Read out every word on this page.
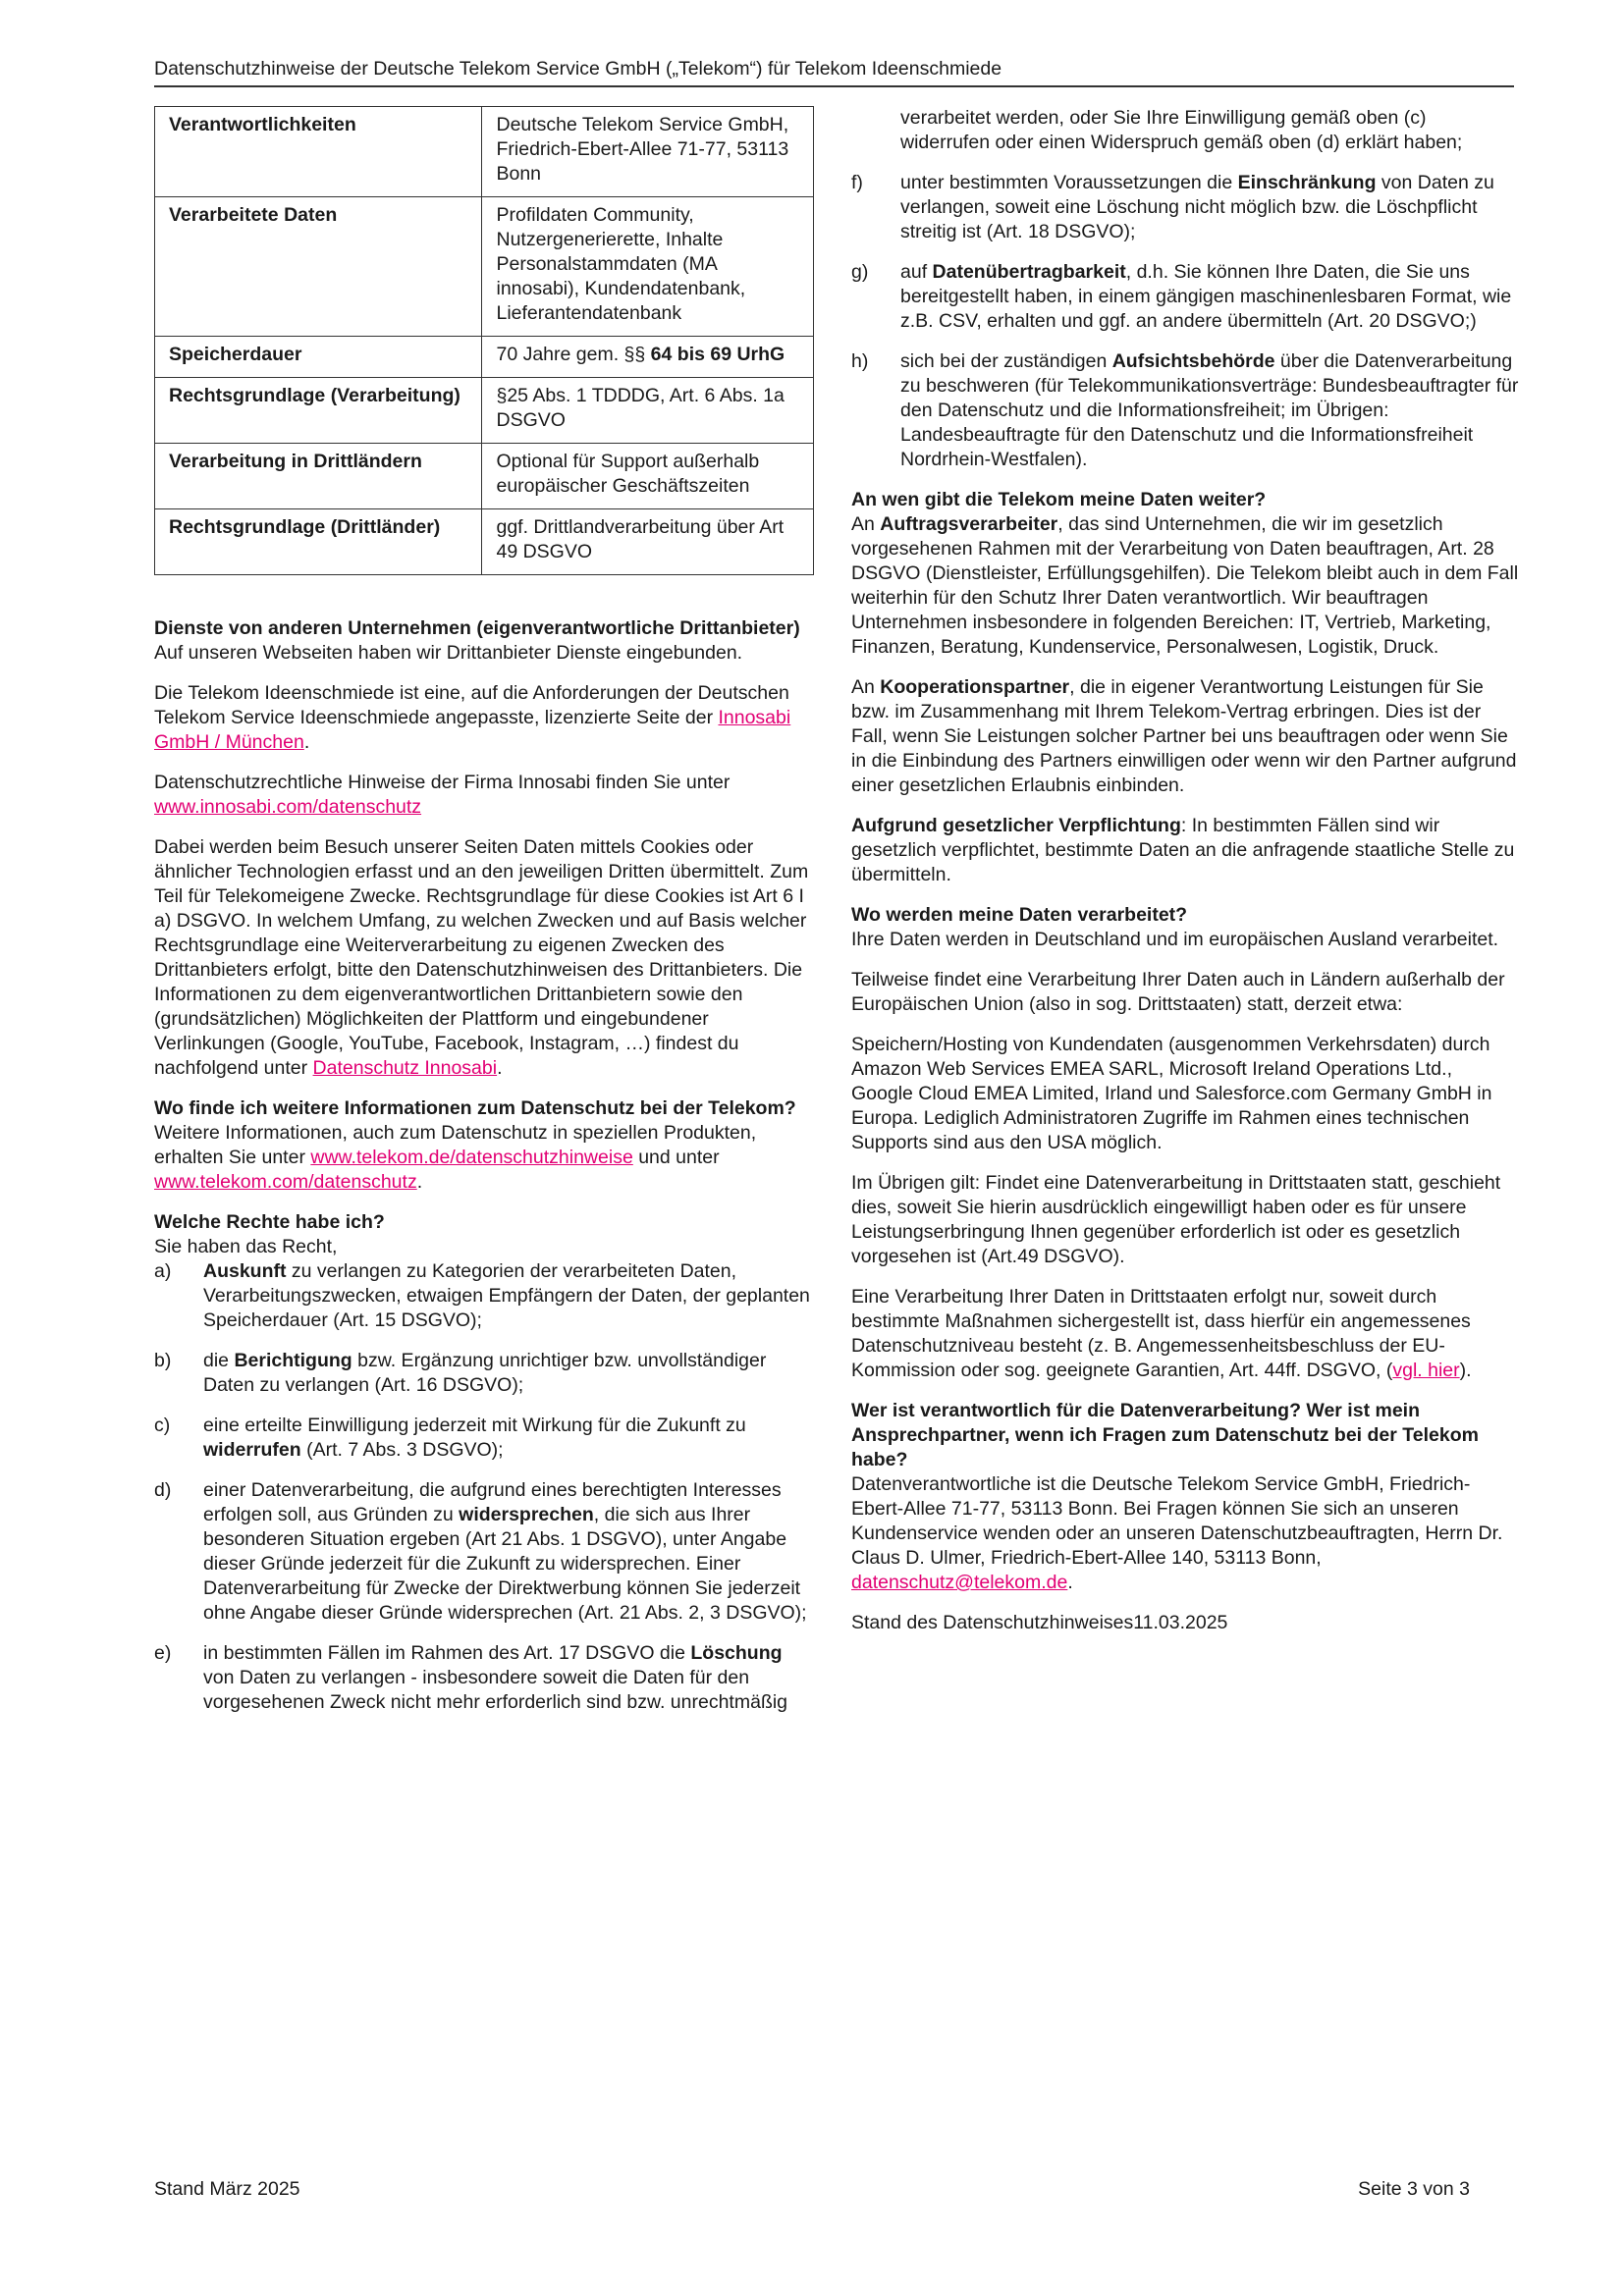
Datenschutzhinweise der Deutsche Telekom Service GmbH („Telekom“) für Telekom Ideenschmiede
Verantwortlichkeiten	Deutsche Telekom Service GmbH, Friedrich-Ebert-Allee 71-77, 53113 Bonn
Verarbeitete Daten	Profildaten Community, Nutzergenerierette, Inhalte Personalstammdaten (MA innosabi), Kundendatenbank, Lieferantendatenbank
Speicherdauer	70 Jahre gem. §§ 64 bis 69 UrhG
Rechtsgrundlage (Verarbeitung)	§25 Abs. 1 TDDDG, Art. 6 Abs. 1a DSGVO
Verarbeitung in Drittländern	Optional für Support außerhalb europäischer Geschäftszeiten
Rechtsgrundlage (Drittländer)	ggf. Drittlandverarbeitung über Art 49 DSGVO
Dienste von anderen Unternehmen (eigenverantwortliche Drittanbieter)
Auf unseren Webseiten haben wir Drittanbieter Dienste eingebunden.

Die Telekom Ideenschmiede ist eine, auf die Anforderungen der Deutschen Telekom Service Ideenschmiede angepasste, lizenzierte Seite der Innosabi GmbH / München.

Datenschutzrechtliche Hinweise der Firma Innosabi finden Sie unter www.innosabi.com/datenschutz

Dabei werden beim Besuch unserer Seiten Daten mittels Cookies oder ähnlicher Technologien erfasst und an den jeweiligen Dritten übermittelt. Zum Teil für Telekomeigene Zwecke. Rechtsgrundlage für diese Cookies ist Art 6 I a) DSGVO. In welchem Umfang, zu welchen Zwecken und auf Basis welcher Rechtsgrundlage eine Weiterverarbeitung zu eigenen Zwecken des Drittanbieters erfolgt, bitte den Datenschutzhinweisen des Drittanbieters. Die Informationen zu dem eigenverantwortlichen Drittanbietern sowie den (grundsätzlichen) Möglichkeiten der Plattform und eingebundener Verlinkungen (Google, YouTube, Facebook, Instagram, …) findest du nachfolgend unter Datenschutz Innosabi.

Wo finde ich weitere Informationen zum Datenschutz bei der Telekom?
Weitere Informationen, auch zum Datenschutz in speziellen Produkten, erhalten Sie unter www.telekom.de/datenschutzhinweise und unter www.telekom.com/datenschutz.
Welche Rechte habe ich?
Sie haben das Recht,
a)	Auskunft zu verlangen zu Kategorien der verarbeiteten Daten, Verarbeitungszwecken, etwaigen Empfängern der Daten, der geplanten Speicherdauer (Art. 15 DSGVO);
b)	die Berichtigung bzw. Ergänzung unrichtiger bzw. unvollständiger Daten zu verlangen (Art. 16 DSGVO);
c)	eine erteilte Einwilligung jederzeit mit Wirkung für die Zukunft zu widerrufen (Art. 7 Abs. 3 DSGVO);
d)	einer Datenverarbeitung, die aufgrund eines berechtigten Interesses erfolgen soll, aus Gründen zu widersprechen, die sich aus Ihrer besonderen Situation ergeben (Art 21 Abs. 1 DSGVO), unter Angabe dieser Gründe jederzeit für die Zukunft zu widersprechen. Einer Datenverarbeitung für Zwecke der Direktwerbung können Sie jederzeit ohne Angabe dieser Gründe widersprechen (Art. 21 Abs. 2, 3 DSGVO);
e)	in bestimmten Fällen im Rahmen des Art. 17 DSGVO die Löschung von Daten zu verlangen - insbesondere soweit die Daten für den vorgesehenen Zweck nicht mehr erforderlich sind bzw. unrechtmäßig
verarbeitet werden, oder Sie Ihre Einwilligung gemäß oben (c) widerrufen oder einen Widerspruch gemäß oben (d) erklärt haben;
f)	unter bestimmten Voraussetzungen die Einschränkung von Daten zu verlangen, soweit eine Löschung nicht möglich bzw. die Löschpflicht streitig ist (Art. 18 DSGVO);
g)	auf Datenübertragbarkeit, d.h. Sie können Ihre Daten, die Sie uns bereitgestellt haben, in einem gängigen maschinenlesbaren Format, wie z.B. CSV, erhalten und ggf. an andere übermitteln (Art. 20 DSGVO;)
h)	sich bei der zuständigen Aufsichtsbehörde über die Datenverarbeitung zu beschweren (für Telekommunikationsverträge: Bundesbeauftragter für den Datenschutz und die Informationsfreiheit; im Übrigen: Landesbeauftragte für den Datenschutz und die Informationsfreiheit Nordrhein-Westfalen).
An wen gibt die Telekom meine Daten weiter?
An Auftragsverarbeiter, das sind Unternehmen, die wir im gesetzlich vorgesehenen Rahmen mit der Verarbeitung von Daten beauftragen, Art. 28 DSGVO (Dienstleister, Erfüllungsgehilfen). Die Telekom bleibt auch in dem Fall weiterhin für den Schutz Ihrer Daten verantwortlich. Wir beauftragen Unternehmen insbesondere in folgenden Bereichen: IT, Vertrieb, Marketing, Finanzen, Beratung, Kundenservice, Personalwesen, Logistik, Druck.

An Kooperationspartner, die in eigener Verantwortung Leistungen für Sie bzw. im Zusammenhang mit Ihrem Telekom-Vertrag erbringen. Dies ist der Fall, wenn Sie Leistungen solcher Partner bei uns beauftragen oder wenn Sie in die Einbindung des Partners einwilligen oder wenn wir den Partner aufgrund einer gesetzlichen Erlaubnis einbinden.

Aufgrund gesetzlicher Verpflichtung: In bestimmten Fällen sind wir gesetzlich verpflichtet, bestimmte Daten an die anfragende staatliche Stelle zu übermitteln.

Wo werden meine Daten verarbeitet?
Ihre Daten werden in Deutschland und im europäischen Ausland verarbeitet.

Teilweise findet eine Verarbeitung Ihrer Daten auch in Ländern außerhalb der Europäischen Union (also in sog. Drittstaaten) statt, derzeit etwa:

Speichern/Hosting von Kundendaten (ausgenommen Verkehrsdaten) durch Amazon Web Services EMEA SARL, Microsoft Ireland Operations Ltd., Google Cloud EMEA Limited, Irland und Salesforce.com Germany GmbH in Europa. Lediglich Administratoren Zugriffe im Rahmen eines technischen Supports sind aus den USA möglich.

Im Übrigen gilt: Findet eine Datenverarbeitung in Drittstaaten statt, geschieht dies, soweit Sie hierin ausdrücklich eingewilligt haben oder es für unsere Leistungserbringung Ihnen gegenüber erforderlich ist oder es gesetzlich vorgesehen ist (Art.49 DSGVO).

Eine Verarbeitung Ihrer Daten in Drittstaaten erfolgt nur, soweit durch bestimmte Maßnahmen sichergestellt ist, dass hierfür ein angemessenes Datenschutzniveau besteht (z. B. Angemessenheitsbeschluss der EU-Kommission oder sog. geeignete Garantien, Art. 44ff. DSGVO, (vgl. hier).

Wer ist verantwortlich für die Datenverarbeitung? Wer ist mein Ansprechpartner, wenn ich Fragen zum Datenschutz bei der Telekom habe?
Datenverantwortliche ist die Deutsche Telekom Service GmbH, Friedrich-Ebert-Allee 71-77, 53113 Bonn. Bei Fragen können Sie sich an unseren Kundenservice wenden oder an unseren Datenschutzbeauftragten, Herrn Dr. Claus D. Ulmer, Friedrich-Ebert-Allee 140, 53113 Bonn, datenschutz@telekom.de.

Stand des Datenschutzhinweises11.03.2025

Stand März 2025	Seite 3 von 3
